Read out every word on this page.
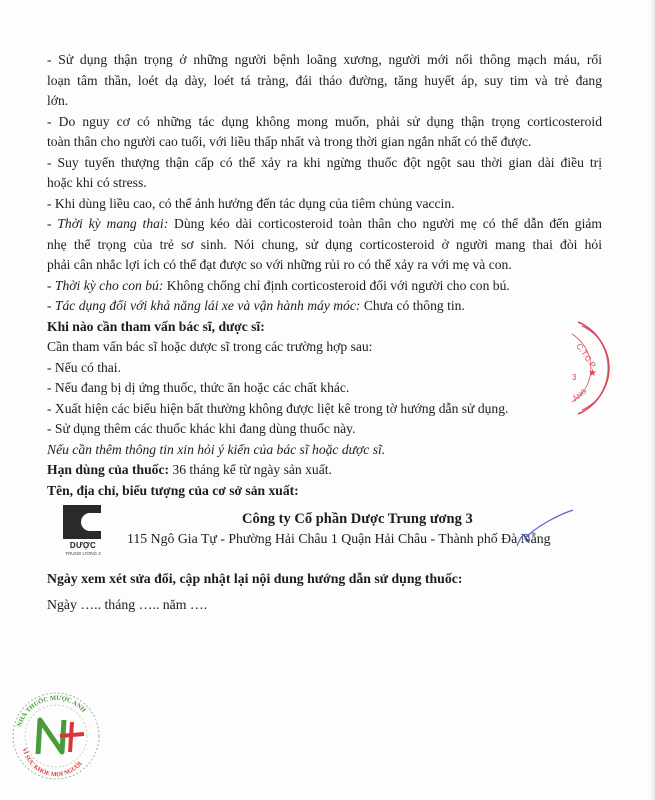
- Sử dụng thận trọng ở những người bệnh loãng xương, người mới nối thông mạch máu, rối
loạn tâm thần, loét dạ dày, loét tá tràng, đái tháo đường, tăng huyết áp, suy tim và trẻ đang
lớn.
- Do nguy cơ có những tác dụng không mong muốn, phải sử dụng thận trọng corticosteroid
toàn thân cho người cao tuổi, với liều thấp nhất và trong thời gian ngắn nhất có thể được.
- Suy tuyến thượng thận cấp có thể xảy ra khi ngừng thuốc đột ngột sau thời gian dài điều trị
hoặc khi có stress.
- Khi dùng liều cao, có thể ảnh hưởng đến tác dụng của tiêm chủng vaccin.
- Thời kỳ mang thai: Dùng kéo dài corticosteroid toàn thân cho người mẹ có thể dẫn đến giảm
nhẹ thể trọng của trẻ sơ sinh. Nói chung, sử dụng corticosteroid ở người mang thai đòi hỏi
phải cân nhắc lợi ích có thể đạt được so với những rủi ro có thể xảy ra với mẹ và con.
- Thời kỳ cho con bú: Không chống chỉ định corticosteroid đối với người cho con bú.
- Tác dụng đối với khả năng lái xe và vận hành máy móc: Chưa có thông tin.
Khi nào cần tham vấn bác sĩ, dược sĩ:
Cần tham vấn bác sĩ hoặc dược sĩ trong các trường hợp sau:
- Nếu có thai.
- Nếu đang bị dị ứng thuốc, thức ăn hoặc các chất khác.
- Xuất hiện các biểu hiện bất thường không được liệt kê trong tờ hướng dẫn sử dụng.
- Sử dụng thêm các thuốc khác khi đang dùng thuốc này.
Nếu cần thêm thông tin xin hỏi ý kiến của bác sĩ hoặc dược sĩ.
Hạn dùng của thuốc: 36 tháng kể từ ngày sản xuất.
Tên, địa chỉ, biểu tượng của cơ sở sản xuất:
DƯỢC
TRUNG ƯƠNG 3
Công ty Cổ phần Dược Trung ương 3
115 Ngô Gia Tự - Phường Hải Châu 1 Quận Hải Châu - Thành phố Đà Nẵng
Ngày xem xét sửa đổi, cập nhật lại nội dung hướng dẫn sử dụng thuốc:
Ngày ….. tháng ….. năm ….
C.T.C.P
★
3
ẴNG
NHÀ THUỐC MƯỢC ANH
VÌ SỨC KHỎE MỌI NGƯỜI
